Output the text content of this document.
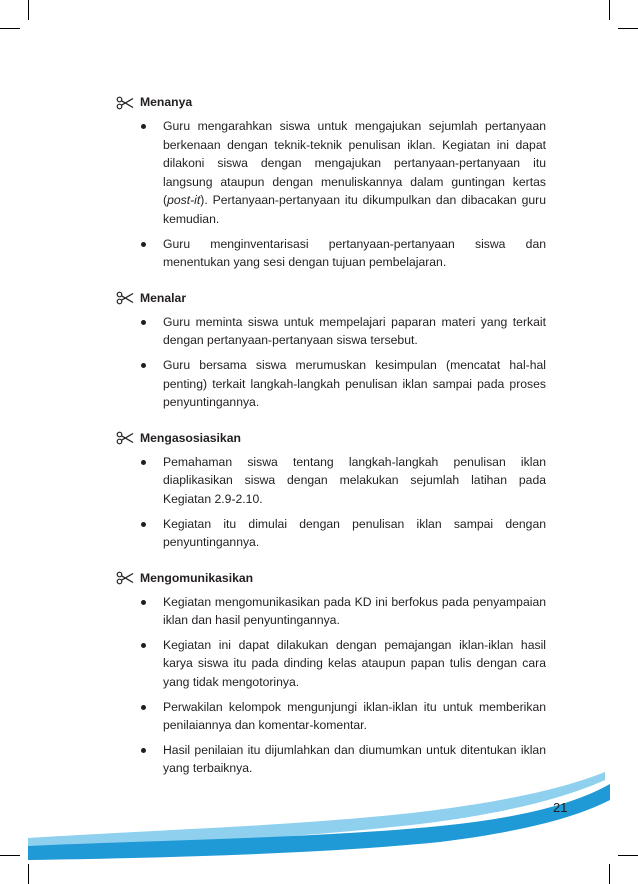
Menanya
Guru mengarahkan siswa untuk mengajukan sejumlah pertanyaan berkenaan dengan teknik-teknik penulisan iklan. Kegiatan ini dapat dilakoni siswa dengan mengajukan pertanyaan-pertanyaan itu langsung ataupun dengan menuliskannya dalam guntingan kertas (post-it). Pertanyaan-pertanyaan itu dikumpulkan dan dibacakan guru kemudian.
Guru menginventarisasi pertanyaan-pertanyaan siswa dan menentukan yang sesi dengan tujuan pembelajaran.
Menalar
Guru meminta siswa untuk mempelajari paparan materi yang terkait dengan pertanyaan-pertanyaan siswa tersebut.
Guru bersama siswa merumuskan kesimpulan (mencatat hal-hal penting) terkait langkah-langkah penulisan iklan sampai pada proses penyuntingannya.
Mengasosiasikan
Pemahaman siswa tentang langkah-langkah penulisan iklan diaplikasikan siswa dengan melakukan sejumlah latihan pada Kegiatan 2.9-2.10.
Kegiatan itu dimulai dengan penulisan iklan sampai dengan penyuntingannya.
Mengomunikasikan
Kegiatan mengomunikasikan pada KD ini berfokus pada penyampaian iklan dan hasil penyuntingannya.
Kegiatan ini dapat dilakukan dengan pemajangan iklan-iklan hasil karya siswa itu pada dinding kelas ataupun papan tulis dengan cara yang tidak mengotorinya.
Perwakilan kelompok mengunjungi iklan-iklan itu untuk memberikan penilaiannya dan komentar-komentar.
Hasil penilaian itu dijumlahkan dan diumumkan untuk ditentukan iklan yang terbaiknya.
21
